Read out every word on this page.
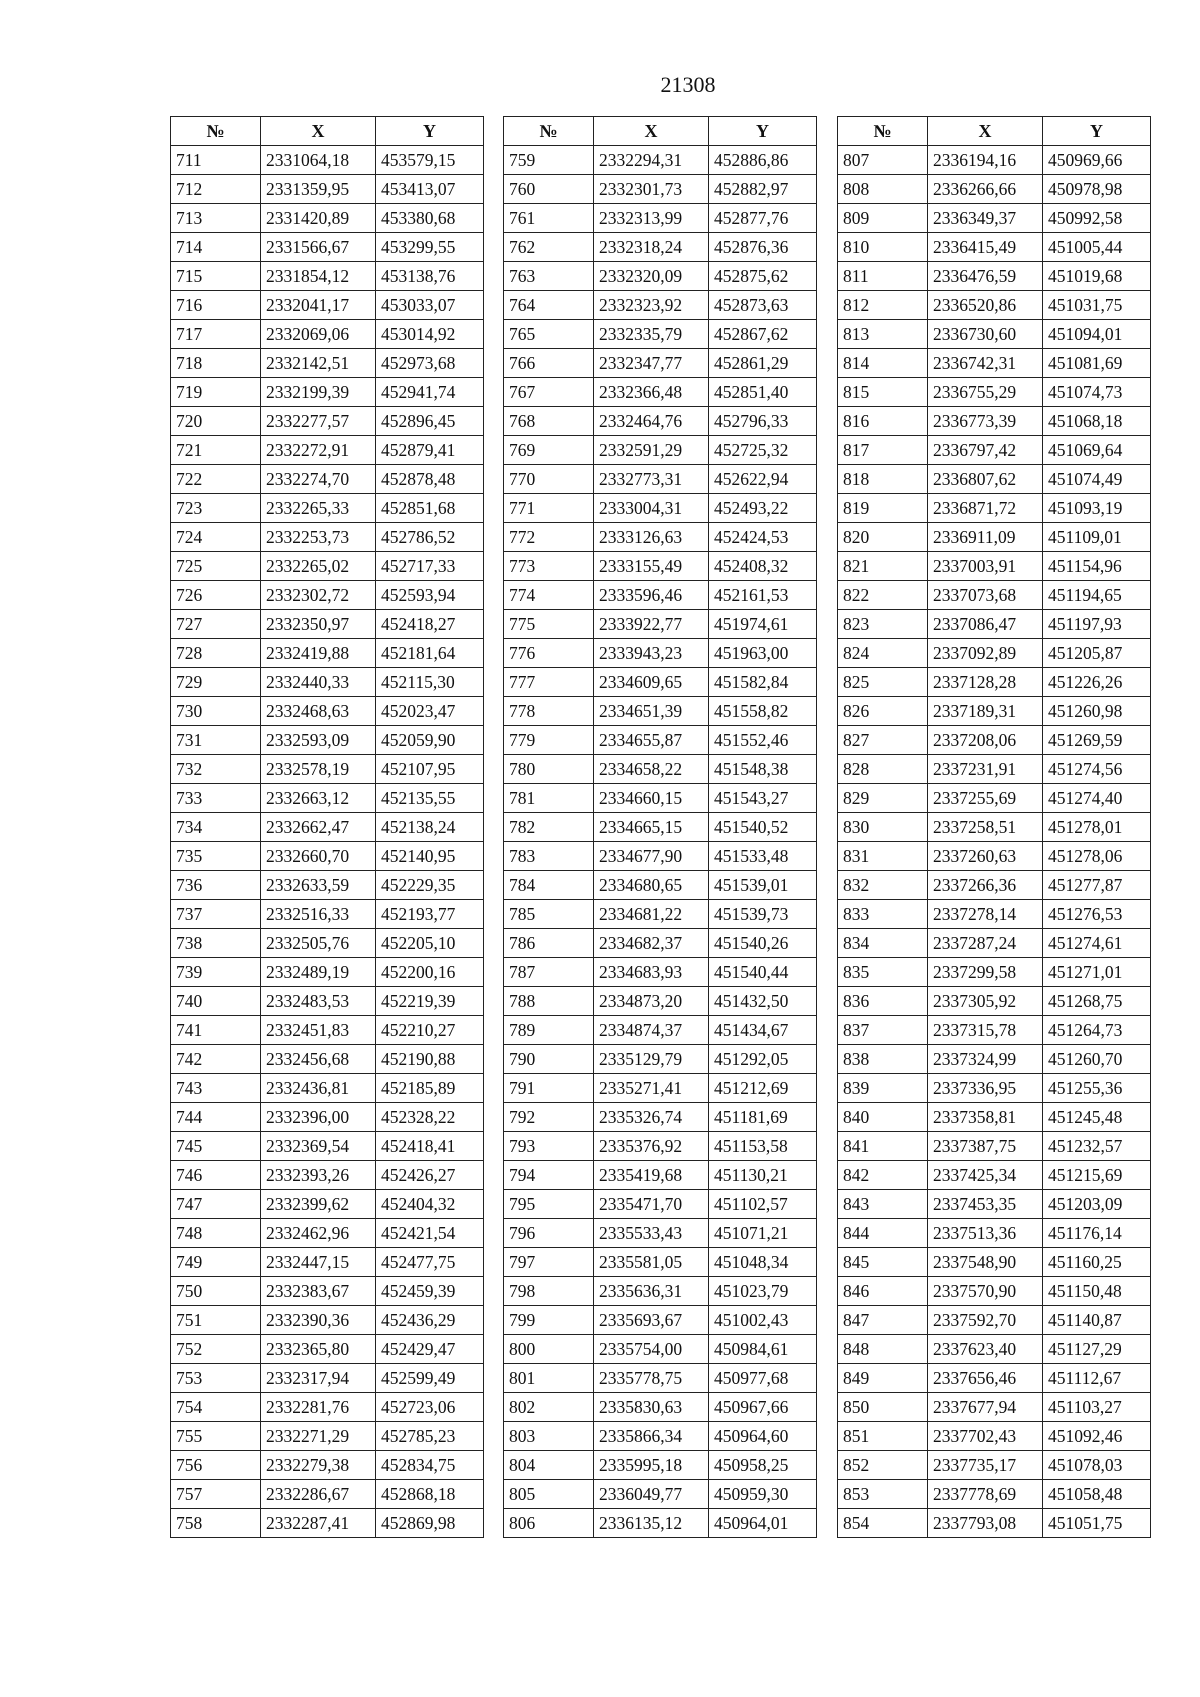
21308
№	X	Y
711	2331064,18	453579,15
712	2331359,95	453413,07
713	2331420,89	453380,68
714	2331566,67	453299,55
715	2331854,12	453138,76
716	2332041,17	453033,07
717	2332069,06	453014,92
718	2332142,51	452973,68
719	2332199,39	452941,74
720	2332277,57	452896,45
721	2332272,91	452879,41
722	2332274,70	452878,48
723	2332265,33	452851,68
724	2332253,73	452786,52
725	2332265,02	452717,33
726	2332302,72	452593,94
727	2332350,97	452418,27
728	2332419,88	452181,64
729	2332440,33	452115,30
730	2332468,63	452023,47
731	2332593,09	452059,90
732	2332578,19	452107,95
733	2332663,12	452135,55
734	2332662,47	452138,24
735	2332660,70	452140,95
736	2332633,59	452229,35
737	2332516,33	452193,77
738	2332505,76	452205,10
739	2332489,19	452200,16
740	2332483,53	452219,39
741	2332451,83	452210,27
742	2332456,68	452190,88
743	2332436,81	452185,89
744	2332396,00	452328,22
745	2332369,54	452418,41
746	2332393,26	452426,27
747	2332399,62	452404,32
748	2332462,96	452421,54
749	2332447,15	452477,75
750	2332383,67	452459,39
751	2332390,36	452436,29
752	2332365,80	452429,47
753	2332317,94	452599,49
754	2332281,76	452723,06
755	2332271,29	452785,23
756	2332279,38	452834,75
757	2332286,67	452868,18
758	2332287,41	452869,98
№	X	Y
759	2332294,31	452886,86
760	2332301,73	452882,97
761	2332313,99	452877,76
762	2332318,24	452876,36
763	2332320,09	452875,62
764	2332323,92	452873,63
765	2332335,79	452867,62
766	2332347,77	452861,29
767	2332366,48	452851,40
768	2332464,76	452796,33
769	2332591,29	452725,32
770	2332773,31	452622,94
771	2333004,31	452493,22
772	2333126,63	452424,53
773	2333155,49	452408,32
774	2333596,46	452161,53
775	2333922,77	451974,61
776	2333943,23	451963,00
777	2334609,65	451582,84
778	2334651,39	451558,82
779	2334655,87	451552,46
780	2334658,22	451548,38
781	2334660,15	451543,27
782	2334665,15	451540,52
783	2334677,90	451533,48
784	2334680,65	451539,01
785	2334681,22	451539,73
786	2334682,37	451540,26
787	2334683,93	451540,44
788	2334873,20	451432,50
789	2334874,37	451434,67
790	2335129,79	451292,05
791	2335271,41	451212,69
792	2335326,74	451181,69
793	2335376,92	451153,58
794	2335419,68	451130,21
795	2335471,70	451102,57
796	2335533,43	451071,21
797	2335581,05	451048,34
798	2335636,31	451023,79
799	2335693,67	451002,43
800	2335754,00	450984,61
801	2335778,75	450977,68
802	2335830,63	450967,66
803	2335866,34	450964,60
804	2335995,18	450958,25
805	2336049,77	450959,30
806	2336135,12	450964,01
№	X	Y
807	2336194,16	450969,66
808	2336266,66	450978,98
809	2336349,37	450992,58
810	2336415,49	451005,44
811	2336476,59	451019,68
812	2336520,86	451031,75
813	2336730,60	451094,01
814	2336742,31	451081,69
815	2336755,29	451074,73
816	2336773,39	451068,18
817	2336797,42	451069,64
818	2336807,62	451074,49
819	2336871,72	451093,19
820	2336911,09	451109,01
821	2337003,91	451154,96
822	2337073,68	451194,65
823	2337086,47	451197,93
824	2337092,89	451205,87
825	2337128,28	451226,26
826	2337189,31	451260,98
827	2337208,06	451269,59
828	2337231,91	451274,56
829	2337255,69	451274,40
830	2337258,51	451278,01
831	2337260,63	451278,06
832	2337266,36	451277,87
833	2337278,14	451276,53
834	2337287,24	451274,61
835	2337299,58	451271,01
836	2337305,92	451268,75
837	2337315,78	451264,73
838	2337324,99	451260,70
839	2337336,95	451255,36
840	2337358,81	451245,48
841	2337387,75	451232,57
842	2337425,34	451215,69
843	2337453,35	451203,09
844	2337513,36	451176,14
845	2337548,90	451160,25
846	2337570,90	451150,48
847	2337592,70	451140,87
848	2337623,40	451127,29
849	2337656,46	451112,67
850	2337677,94	451103,27
851	2337702,43	451092,46
852	2337735,17	451078,03
853	2337778,69	451058,48
854	2337793,08	451051,75
